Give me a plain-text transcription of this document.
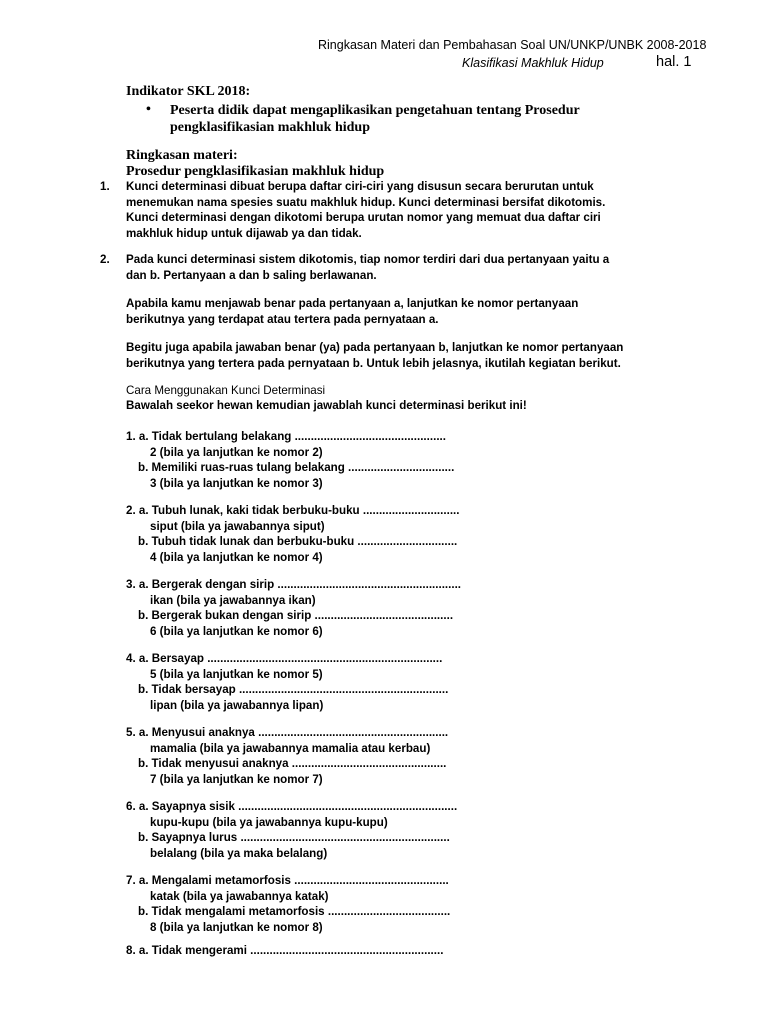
Ringkasan Materi dan Pembahasan Soal UN/UNKP/UNBK 2008-2018
Klasifikasi Makhluk Hidup	hal. 1
Indikator SKL 2018:
• Peserta didik dapat mengaplikasikan pengetahuan tentang Prosedur
pengklasifikasian makhluk hidup
Ringkasan materi:
Prosedur pengklasifikasian makhluk hidup
1. Kunci determinasi dibuat berupa daftar ciri-ciri yang disusun secara berurutan untuk
menemukan nama spesies suatu makhluk hidup. Kunci determinasi bersifat dikotomis.
Kunci determinasi dengan dikotomi berupa urutan nomor yang memuat dua daftar ciri
makhluk hidup untuk dijawab ya dan tidak.
2. Pada kunci determinasi sistem dikotomis, tiap nomor terdiri dari dua pertanyaan yaitu a
dan b. Pertanyaan a dan b saling berlawanan.
Apabila kamu menjawab benar pada pertanyaan a, lanjutkan ke nomor pertanyaan
berikutnya yang terdapat atau tertera pada pernyataan a.
Begitu juga apabila jawaban benar (ya) pada pertanyaan b, lanjutkan ke nomor pertanyaan
berikutnya yang tertera pada pernyataan b. Untuk lebih jelasnya, ikutilah kegiatan berikut.
Cara Menggunakan Kunci Determinasi
Bawalah seekor hewan kemudian jawablah kunci determinasi berikut ini!
1. a. Tidak bertulang belakang ...............................................
2 (bila ya lanjutkan ke nomor 2)
b. Memiliki ruas-ruas tulang belakang .................................
3 (bila ya lanjutkan ke nomor 3)
2. a. Tubuh lunak, kaki tidak berbuku-buku ..............................
siput (bila ya jawabannya siput)
b. Tubuh tidak lunak dan berbuku-buku ...............................
4 (bila ya lanjutkan ke nomor 4)
3. a. Bergerak dengan sirip .........................................................
ikan (bila ya jawabannya ikan)
b. Bergerak bukan dengan sirip ...........................................
6 (bila ya lanjutkan ke nomor 6)
4. a. Bersayap .........................................................................
5 (bila ya lanjutkan ke nomor 5)
b. Tidak bersayap .................................................................
lipan (bila ya jawabannya lipan)
5. a. Menyusui anaknya ...........................................................
mamalia (bila ya jawabannya mamalia atau kerbau)
b. Tidak menyusui anaknya ................................................
7 (bila ya lanjutkan ke nomor 7)
6. a. Sayapnya sisik ....................................................................
kupu-kupu (bila ya jawabannya kupu-kupu)
b. Sayapnya lurus .................................................................
belalang (bila ya maka belalang)
7. a. Mengalami metamorfosis ................................................
katak (bila ya jawabannya katak)
b. Tidak mengalami metamorfosis ......................................
8 (bila ya lanjutkan ke nomor 8)
8. a. Tidak mengerami ............................................................
